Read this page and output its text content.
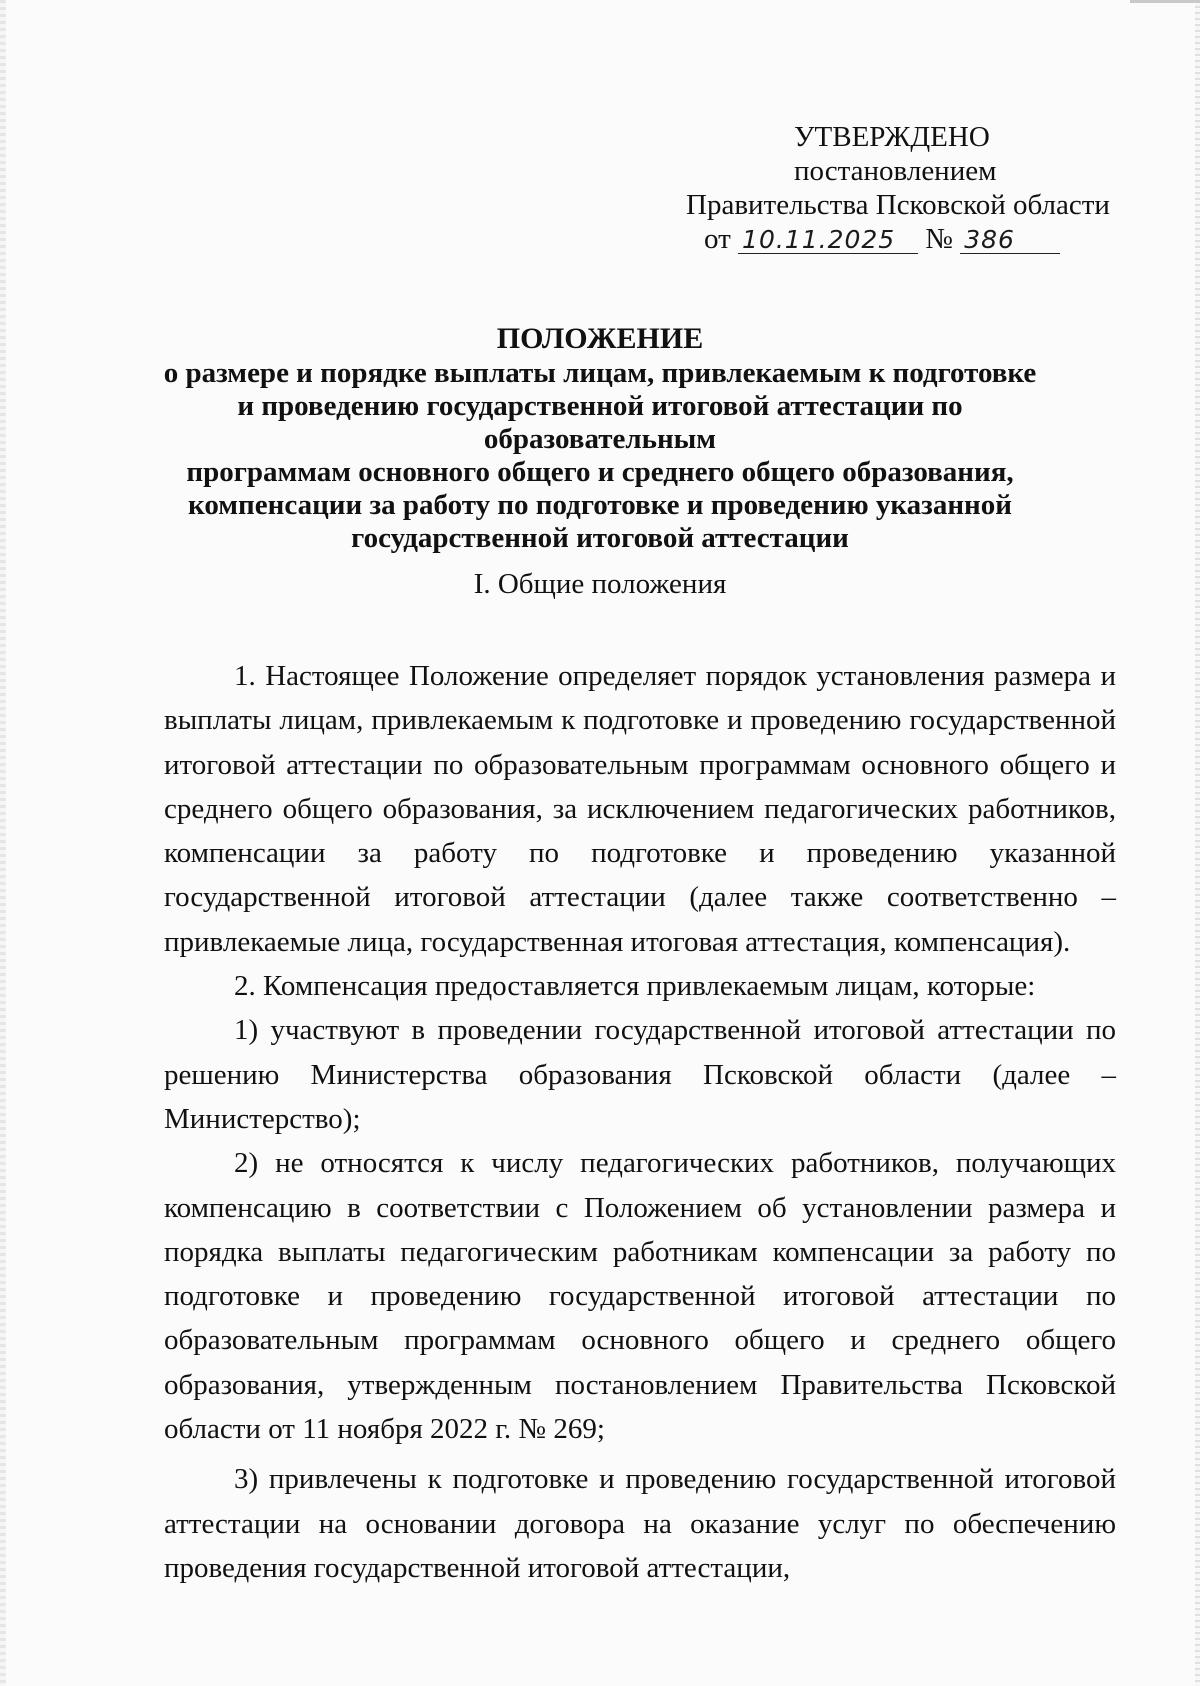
УТВЕРЖДЕНО
постановлением
Правительства Псковской области
от 10.11.2025 № 386
ПОЛОЖЕНИЕ
о размере и порядке выплаты лицам, привлекаемым к подготовке
и проведению государственной итоговой аттестации по образовательным
программам основного общего и среднего общего образования,
компенсации за работу по подготовке и проведению указанной
государственной итоговой аттестации
I. Общие положения

1. Настоящее Положение определяет порядок установления размера и выплаты лицам, привлекаемым к подготовке и проведению государственной итоговой аттестации по образовательным программам основного общего и среднего общего образования, за исключением педагогических работников, компенсации за работу по подготовке и проведению указанной государственной итоговой аттестации (далее также соответственно – привлекаемые лица, государственная итоговая аттестация, компенсация).

2. Компенсация предоставляется привлекаемым лицам, которые:

1) участвуют в проведении государственной итоговой аттестации по решению Министерства образования Псковской области (далее – Министерство);

2) не относятся к числу педагогических работников, получающих компенсацию в соответствии с Положением об установлении размера и порядка выплаты педагогическим работникам компенсации за работу по подготовке и проведению государственной итоговой аттестации по образовательным программам основного общего и среднего общего образования, утвержденным постановлением Правительства Псковской области от 11 ноября 2022 г. № 269;

3) привлечены к подготовке и проведению государственной итоговой аттестации на основании договора на оказание услуг по обеспечению проведения государственной итоговой аттестации,
